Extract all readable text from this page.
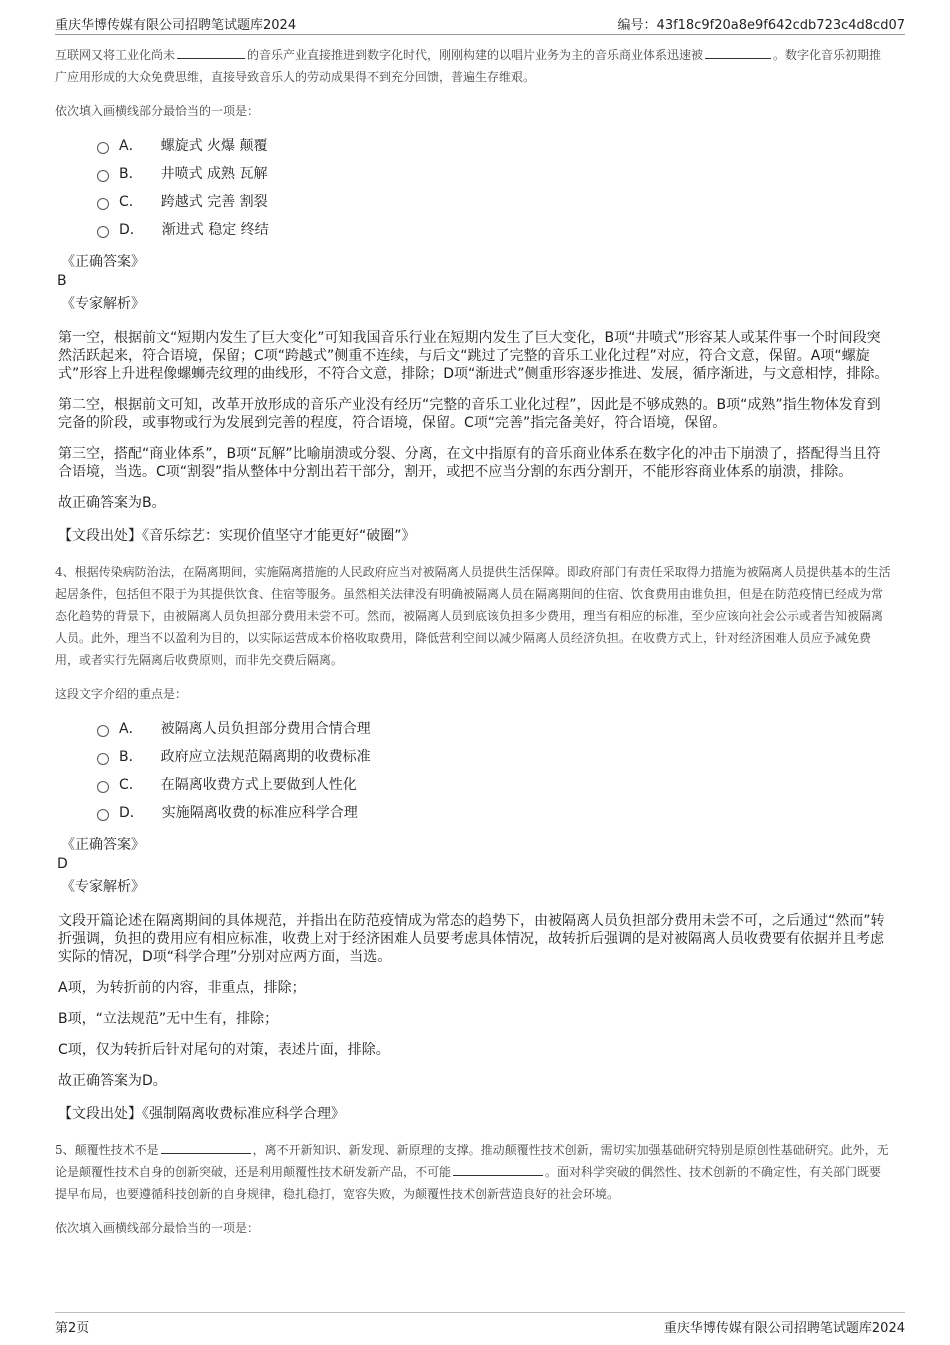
重庆华博传媒有限公司招聘笔试题库2024	编号：43f18c9f20a8e9f642cdb723c4d8cd07

互联网又将工业化尚未	的音乐产业直接推进到数字化时代，刚刚构建的以唱片业务为主的音乐商业体系迅速被	。数字化音乐初期推广应用形成的大众免费思维，直接导致音乐人的劳动成果得不到充分回馈，普遍生存维艰。

依次填入画横线部分最恰当的一项是：
A． 螺旋式 火爆 颠覆
B． 井喷式 成熟 瓦解
C． 跨越式 完善 割裂
D． 渐进式 稳定 终结
《正确答案》
B
《专家解析》

第一空，根据前文“短期内发生了巨大变化”可知我国音乐行业在短期内发生了巨大变化，B项“井喷式”形容某人或某件事一个时间段突然活跃起来，符合语境，保留；C项“跨越式”侧重不连续，与后文“跳过了完整的音乐工业化过程”对应，符合文意，保留。A项“螺旋式”形容上升进程像螺蛳壳纹理的曲线形，不符合文意，排除；D项“渐进式”侧重形容逐步推进、发展，循序渐进，与文意相悖，排除。

第二空，根据前文可知，改革开放形成的音乐产业没有经历“完整的音乐工业化过程”，因此是不够成熟的。B项“成熟”指生物体发育到完备的阶段，或事物或行为发展到完善的程度，符合语境，保留。C项“完善”指完备美好，符合语境，保留。

第三空，搭配“商业体系”，B项“瓦解”比喻崩溃或分裂、分离，在文中指原有的音乐商业体系在数字化的冲击下崩溃了，搭配得当且符合语境，当选。C项“割裂”指从整体中分割出若干部分，割开，或把不应当分割的东西分割开，不能形容商业体系的崩溃，排除。

故正确答案为B。

【文段出处】《音乐综艺：实现价值坚守才能更好“破圈”》

4、根据传染病防治法，在隔离期间，实施隔离措施的人民政府应当对被隔离人员提供生活保障。即政府部门有责任采取得力措施为被隔离人员提供基本的生活起居条件，包括但不限于为其提供饮食、住宿等服务。虽然相关法律没有明确被隔离人员在隔离期间的住宿、饮食费用由谁负担，但是在防范疫情已经成为常态化趋势的背景下，由被隔离人员负担部分费用未尝不可。然而，被隔离人员到底该负担多少费用，理当有相应的标准，至少应该向社会公示或者告知被隔离人员。此外，理当不以盈利为目的，以实际运营成本价格收取费用，降低营利空间以减少隔离人员经济负担。在收费方式上，针对经济困难人员应予减免费用，或者实行先隔离后收费原则，而非先交费后隔离。

这段文字介绍的重点是：
A． 被隔离人员负担部分费用合情合理
B． 政府应立法规范隔离期的收费标准
C． 在隔离收费方式上要做到人性化
D． 实施隔离收费的标准应科学合理
《正确答案》
D
《专家解析》

文段开篇论述在隔离期间的具体规范，并指出在防范疫情成为常态的趋势下，由被隔离人员负担部分费用未尝不可，之后通过“然而”转折强调，负担的费用应有相应标准，收费上对于经济困难人员要考虑具体情况，故转折后强调的是对被隔离人员收费要有依据并且考虑实际的情况，D项“科学合理”分别对应两方面，当选。

A项，为转折前的内容，非重点，排除；

B项，“立法规范”无中生有，排除；

C项，仅为转折后针对尾句的对策，表述片面，排除。

故正确答案为D。

【文段出处】《强制隔离收费标准应科学合理》

5、颠覆性技术不是	，离不开新知识、新发现、新原理的支撑。推动颠覆性技术创新，需切实加强基础研究特别是原创性基础研究。此外，无论是颠覆性技术自身的创新突破，还是利用颠覆性技术研发新产品，不可能	。面对科学突破的偶然性、技术创新的不确定性，有关部门既要提早布局，也要遵循科技创新的自身规律，稳扎稳打，宽容失败，为颠覆性技术创新营造良好的社会环境。

依次填入画横线部分最恰当的一项是：
第2页	重庆华博传媒有限公司招聘笔试题库2024
